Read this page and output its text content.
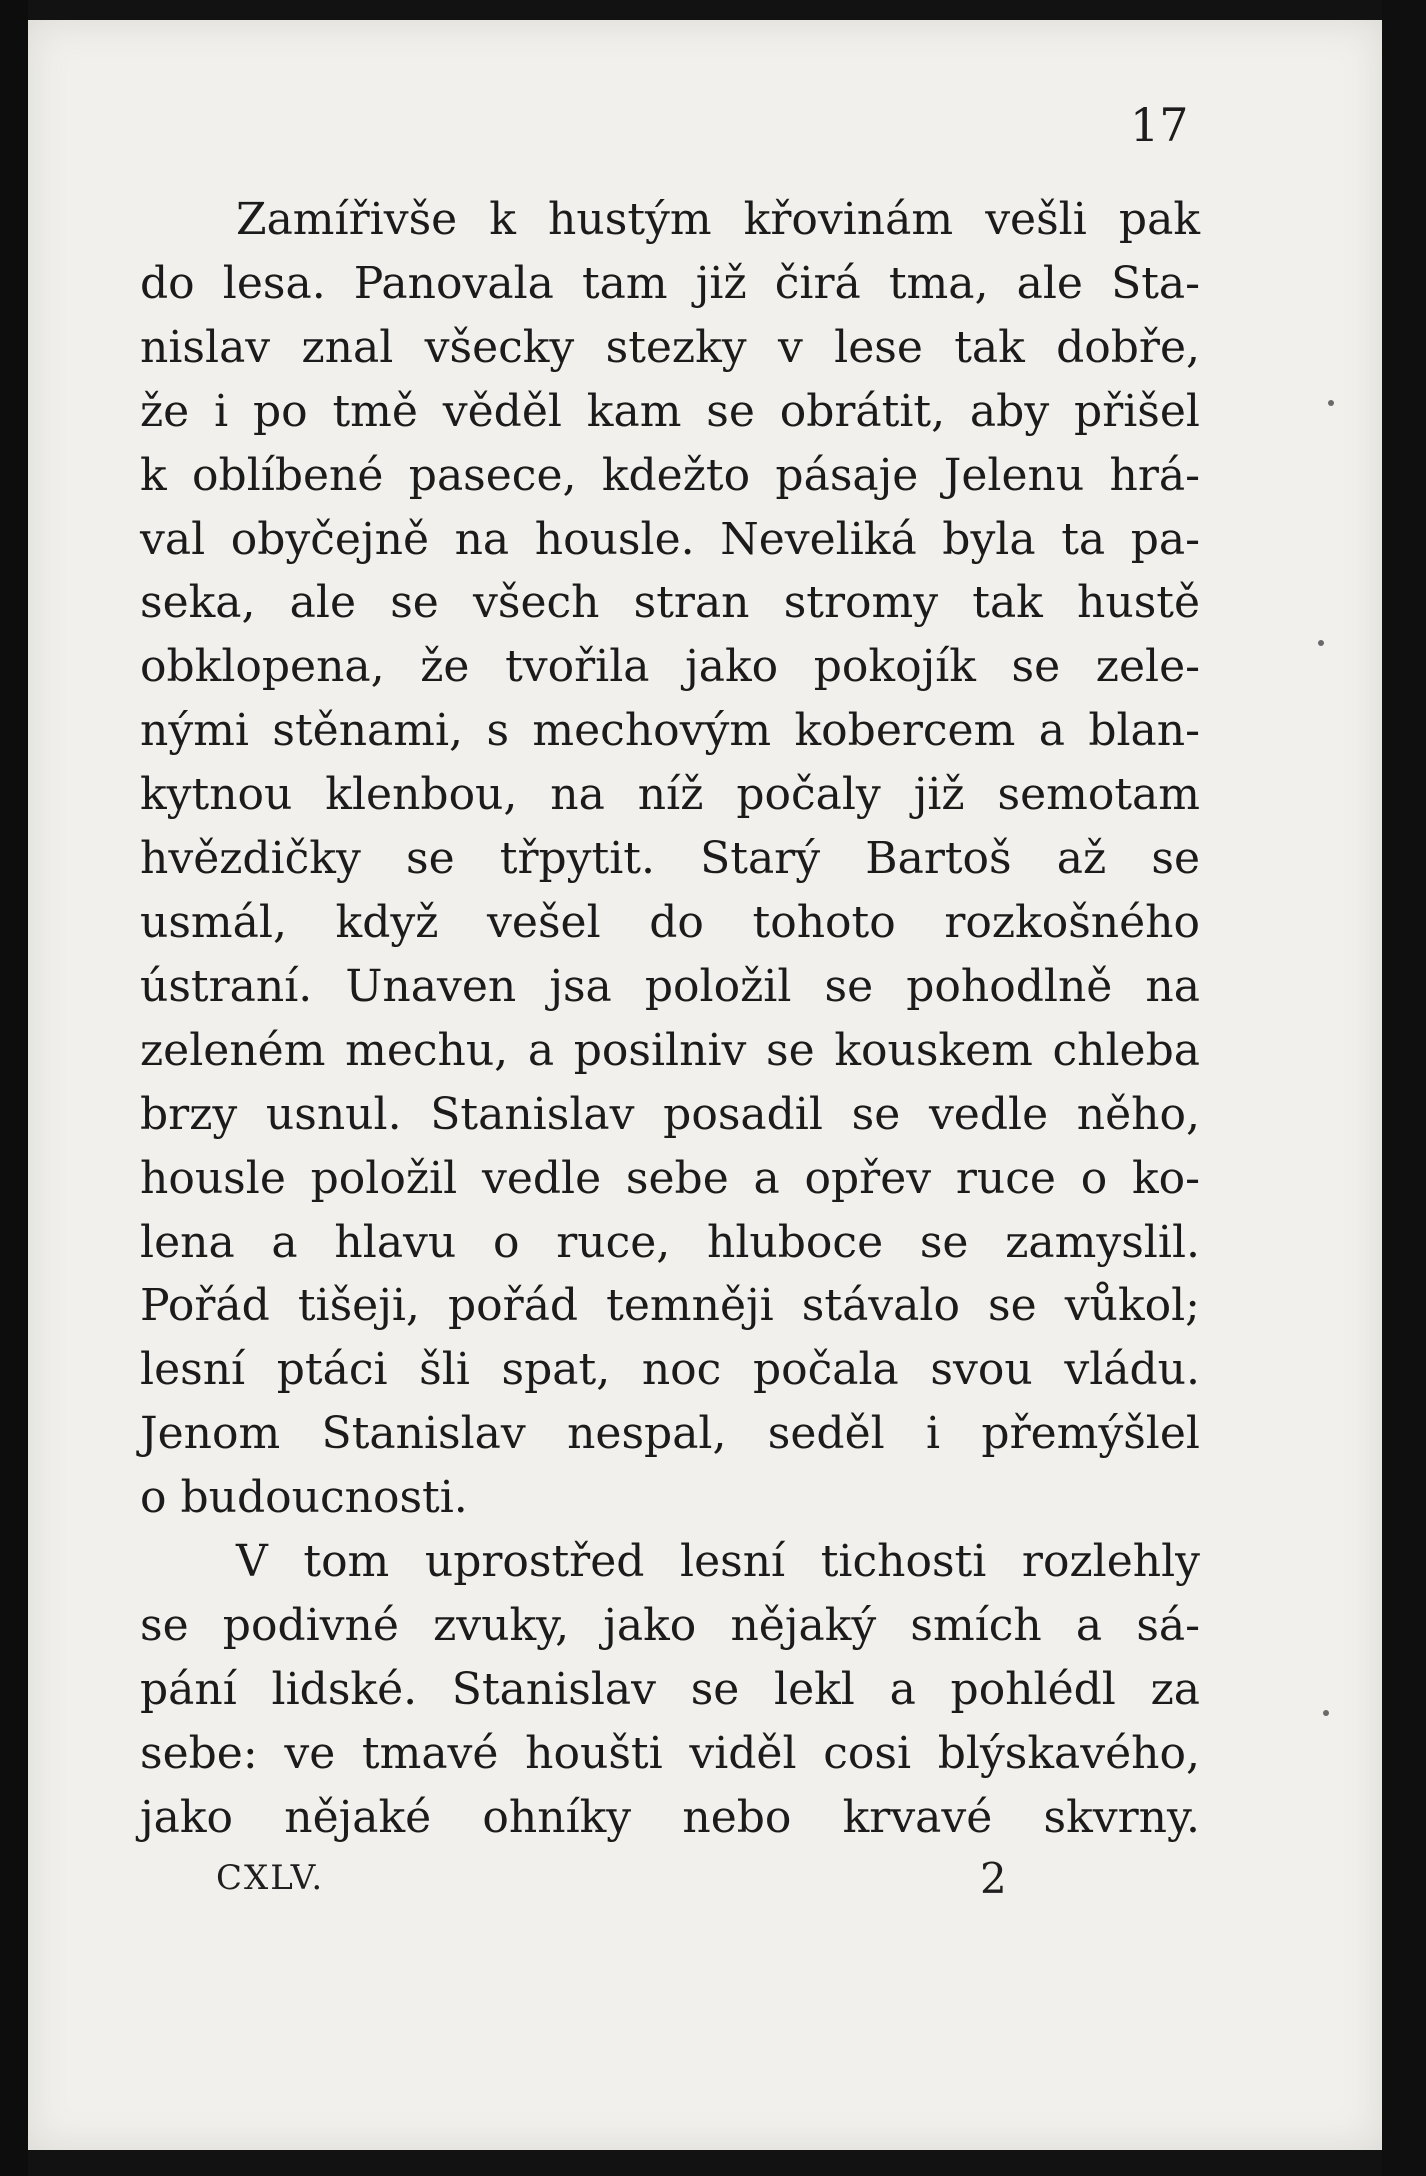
17
Zamířivše k hustým křovinám vešli pak
do lesa. Panovala tam již čirá tma, ale Sta-
nislav znal všecky stezky v lese tak dobře,
že i po tmě věděl kam se obrátit, aby přišel
k oblíbené pasece, kdežto pásaje Jelenu hrá-
val obyčejně na housle. Neveliká byla ta pa-
seka, ale se všech stran stromy tak hustě
obklopena, že tvořila jako pokojík se zele-
nými stěnami, s mechovým kobercem a blan-
kytnou klenbou, na níž počaly již semotam
hvězdičky se třpytit. Starý Bartoš až se
usmál, když vešel do tohoto rozkošného
ústraní. Unaven jsa položil se pohodlně na
zeleném mechu, a posilniv se kouskem chleba
brzy usnul. Stanislav posadil se vedle něho,
housle položil vedle sebe a opřev ruce o ko-
lena a hlavu o ruce, hluboce se zamyslil.
Pořád tišeji, pořád temněji stávalo se vůkol;
lesní ptáci šli spat, noc počala svou vládu.
Jenom Stanislav nespal, seděl i přemýšlel
o budoucnosti.
V tom uprostřed lesní tichosti rozlehly
se podivné zvuky, jako nějaký smích a sá-
pání lidské. Stanislav se lekl a pohlédl za
sebe: ve tmavé houšti viděl cosi blýskavého,
jako nějaké ohníky nebo krvavé skvrny.
CXLV.	2
